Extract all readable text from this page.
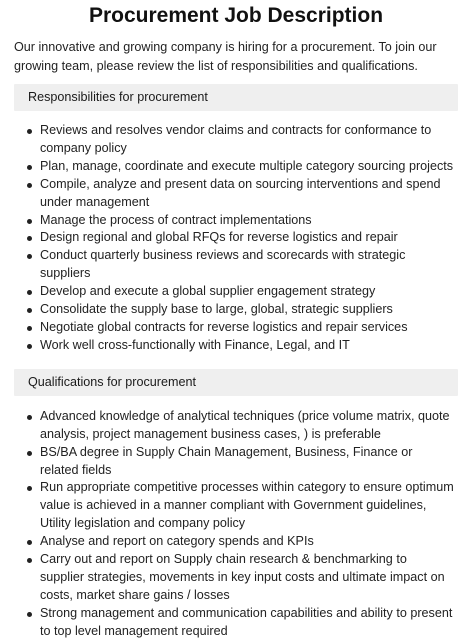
Procurement Job Description

Our innovative and growing company is hiring for a procurement. To join our growing team, please review the list of responsibilities and qualifications.

Responsibilities for procurement
Reviews and resolves vendor claims and contracts for conformance to company policy
Plan, manage, coordinate and execute multiple category sourcing projects
Compile, analyze and present data on sourcing interventions and spend under management
Manage the process of contract implementations
Design regional and global RFQs for reverse logistics and repair
Conduct quarterly business reviews and scorecards with strategic suppliers
Develop and execute a global supplier engagement strategy
Consolidate the supply base to large, global, strategic suppliers
Negotiate global contracts for reverse logistics and repair services
Work well cross-functionally with Finance, Legal, and IT
Qualifications for procurement
Advanced knowledge of analytical techniques (price volume matrix, quote analysis, project management business cases, ) is preferable
BS/BA degree in Supply Chain Management, Business, Finance or related fields
Run appropriate competitive processes within category to ensure optimum value is achieved in a manner compliant with Government guidelines, Utility legislation and company policy
Analyse and report on category spends and KPIs
Carry out and report on Supply chain research & benchmarking to supplier strategies, movements in key input costs and ultimate impact on costs, market share gains / losses
Strong management and communication capabilities and ability to present to top level management required
